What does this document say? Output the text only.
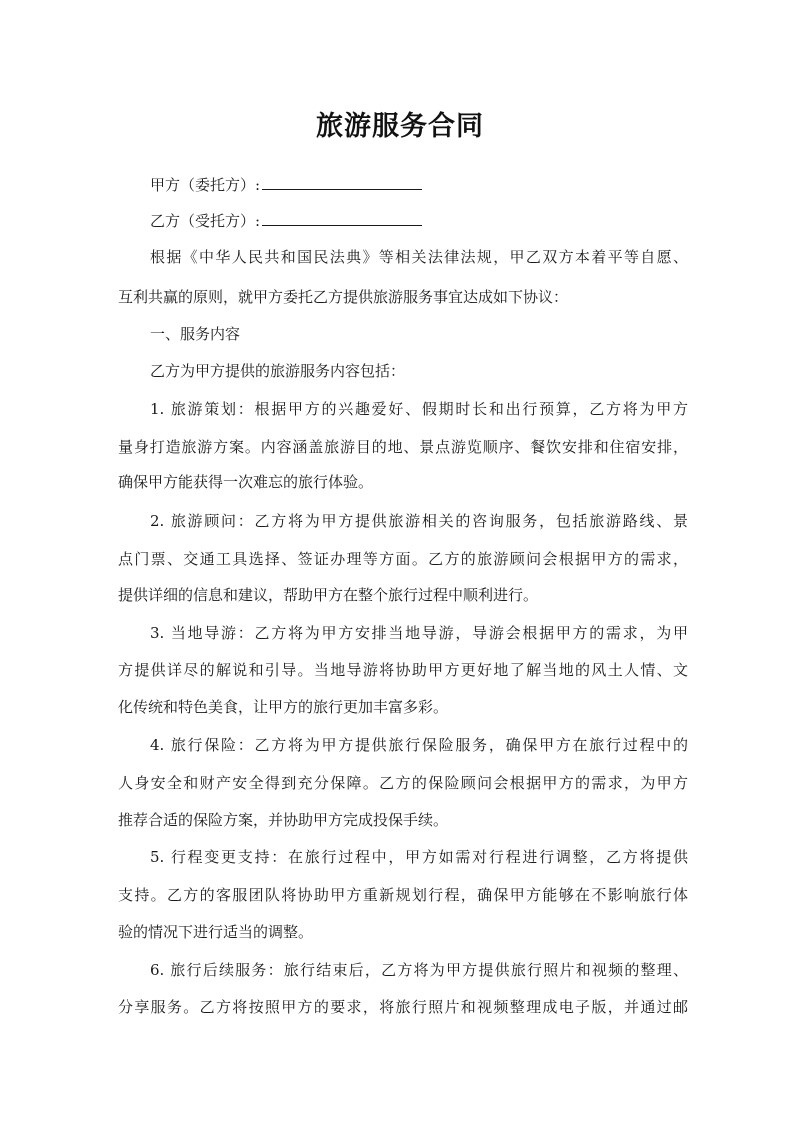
旅游服务合同
甲方（委托方）:
乙方（受托方）:
根据《中华人民共和国民法典》等相关法律法规，甲乙双方本着平等自愿、
互利共赢的原则，就甲方委托乙方提供旅游服务事宜达成如下协议：
一、服务内容
乙方为甲方提供的旅游服务内容包括：
1. 旅游策划：根据甲方的兴趣爱好、假期时长和出行预算，乙方将为甲方
量身打造旅游方案。内容涵盖旅游目的地、景点游览顺序、餐饮安排和住宿安排，
确保甲方能获得一次难忘的旅行体验。
2. 旅游顾问：乙方将为甲方提供旅游相关的咨询服务，包括旅游路线、景
点门票、交通工具选择、签证办理等方面。乙方的旅游顾问会根据甲方的需求，
提供详细的信息和建议，帮助甲方在整个旅行过程中顺利进行。
3. 当地导游：乙方将为甲方安排当地导游，导游会根据甲方的需求，为甲
方提供详尽的解说和引导。当地导游将协助甲方更好地了解当地的风土人情、文
化传统和特色美食，让甲方的旅行更加丰富多彩。
4. 旅行保险：乙方将为甲方提供旅行保险服务，确保甲方在旅行过程中的
人身安全和财产安全得到充分保障。乙方的保险顾问会根据甲方的需求，为甲方
推荐合适的保险方案，并协助甲方完成投保手续。
5. 行程变更支持：在旅行过程中，甲方如需对行程进行调整，乙方将提供
支持。乙方的客服团队将协助甲方重新规划行程，确保甲方能够在不影响旅行体
验的情况下进行适当的调整。
6. 旅行后续服务：旅行结束后，乙方将为甲方提供旅行照片和视频的整理、
分享服务。乙方将按照甲方的要求，将旅行照片和视频整理成电子版，并通过邮
